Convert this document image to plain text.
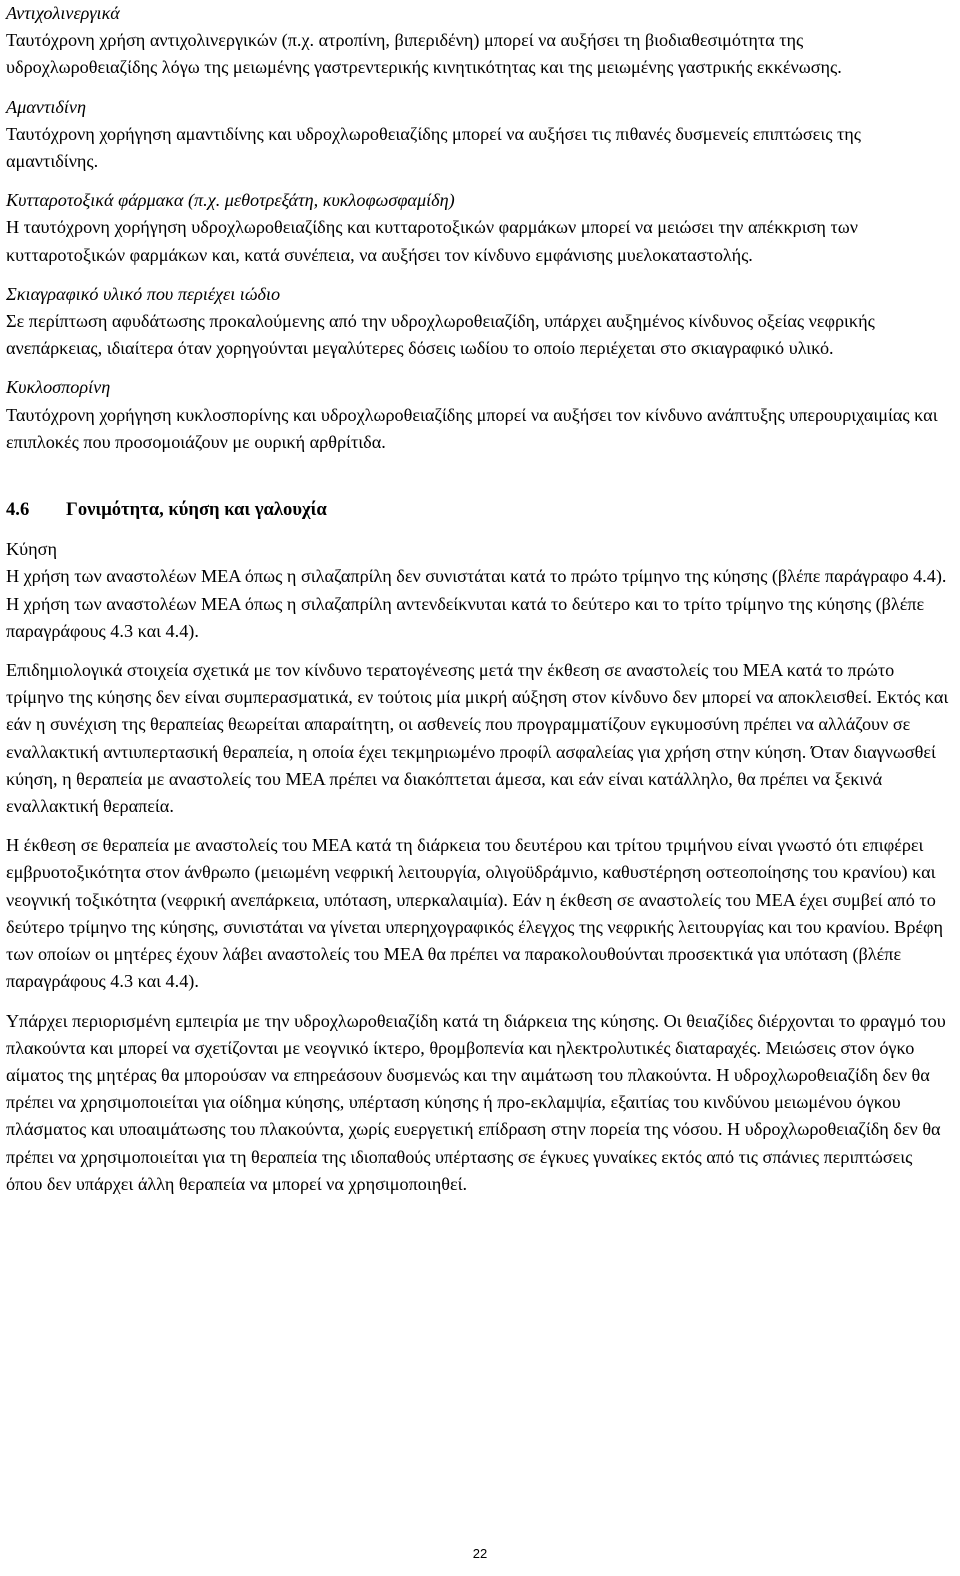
Αντιχολινεργικά
Ταυτόχρονη χρήση αντιχολινεργικών (π.χ. ατροπίνη, βιπεριδένη) μπορεί να αυξήσει τη βιοδιαθεσιμότητα της υδροχλωροθειαζίδης λόγω της μειωμένης γαστρεντερικής κινητικότητας και της μειωμένης γαστρικής εκκένωσης.
Αμαντιδίνη
Ταυτόχρονη χορήγηση αμαντιδίνης και υδροχλωροθειαζίδης μπορεί να αυξήσει τις πιθανές δυσμενείς επιπτώσεις της αμαντιδίνης.
Κυτταροτοξικά φάρμακα (π.χ. μεθοτρεξάτη, κυκλοφωσφαμίδη)
Η ταυτόχρονη χορήγηση υδροχλωροθειαζίδης και κυτταροτοξικών φαρμάκων μπορεί να μειώσει την απέκκριση των κυτταροτοξικών φαρμάκων και, κατά συνέπεια, να αυξήσει τον κίνδυνο εμφάνισης μυελοκαταστολής.
Σκιαγραφικό υλικό που περιέχει ιώδιο
Σε περίπτωση αφυδάτωσης προκαλούμενης από την υδροχλωροθειαζίδη, υπάρχει αυξημένος κίνδυνος οξείας νεφρικής ανεπάρκειας, ιδιαίτερα όταν χορηγούνται μεγαλύτερες δόσεις ιωδίου το οποίο περιέχεται στο σκιαγραφικό υλικό.
Κυκλοσπορίνη
Ταυτόχρονη χορήγηση κυκλοσπορίνης και υδροχλωροθειαζίδης μπορεί να αυξήσει τον κίνδυνο ανάπτυξης υπερουριχαιμίας και επιπλοκές που προσομοιάζουν με ουρική αρθρίτιδα.
4.6	Γονιμότητα, κύηση και γαλουχία
Κύηση
Η χρήση των αναστολέων ΜΕΑ όπως η σιλαζαπρίλη δεν συνιστάται κατά το πρώτο τρίμηνο της κύησης (βλέπε παράγραφο 4.4). Η χρήση των αναστολέων ΜΕΑ όπως η σιλαζαπρίλη αντενδείκνυται κατά το δεύτερο και το τρίτο τρίμηνο της κύησης (βλέπε παραγράφους 4.3 και 4.4).
Επιδημιολογικά στοιχεία σχετικά με τον κίνδυνο τερατογένεσης μετά την έκθεση σε αναστολείς του ΜΕΑ κατά το πρώτο τρίμηνο της κύησης δεν είναι συμπερασματικά, εν τούτοις μία μικρή αύξηση στον κίνδυνο δεν μπορεί να αποκλεισθεί. Εκτός και εάν η συνέχιση της θεραπείας θεωρείται απαραίτητη, οι ασθενείς που προγραμματίζουν εγκυμοσύνη πρέπει να αλλάζουν σε εναλλακτική αντιυπερτασική θεραπεία, η οποία έχει τεκμηριωμένο προφίλ ασφαλείας για χρήση στην κύηση. Όταν διαγνωσθεί κύηση, η θεραπεία με αναστολείς του ΜΕΑ πρέπει να διακόπτεται άμεσα, και εάν είναι κατάλληλο, θα πρέπει να ξεκινά εναλλακτική θεραπεία.
Η έκθεση σε θεραπεία με αναστολείς του ΜΕΑ κατά τη διάρκεια του δευτέρου και τρίτου τριμήνου είναι γνωστό ότι επιφέρει εμβρυοτοξικότητα στον άνθρωπο (μειωμένη νεφρική λειτουργία, ολιγοϋδράμνιο, καθυστέρηση οστεοποίησης του κρανίου) και νεογνική τοξικότητα (νεφρική ανεπάρκεια, υπόταση, υπερκαλαιμία). Εάν η έκθεση σε αναστολείς του ΜΕΑ έχει συμβεί από το δεύτερο τρίμηνο της κύησης, συνιστάται να γίνεται υπερηχογραφικός έλεγχος της νεφρικής λειτουργίας και του κρανίου. Βρέφη των οποίων οι μητέρες έχουν λάβει αναστολείς του ΜΕΑ θα πρέπει να παρακολουθούνται προσεκτικά για υπόταση (βλέπε παραγράφους 4.3 και 4.4).
Υπάρχει περιορισμένη εμπειρία με την υδροχλωροθειαζίδη κατά τη διάρκεια της κύησης. Οι θειαζίδες διέρχονται το φραγμό του πλακούντα και μπορεί να σχετίζονται με νεογνικό ίκτερο, θρομβοπενία και ηλεκτρολυτικές διαταραχές. Μειώσεις στον όγκο αίματος της μητέρας θα μπορούσαν να επηρεάσουν δυσμενώς και την αιμάτωση του πλακούντα. Η υδροχλωροθειαζίδη δεν θα πρέπει να χρησιμοποιείται για οίδημα κύησης, υπέρταση κύησης ή προ-εκλαμψία, εξαιτίας του κινδύνου μειωμένου όγκου πλάσματος και υποαιμάτωσης του πλακούντα, χωρίς ευεργετική επίδραση στην πορεία της νόσου. Η υδροχλωροθειαζίδη δεν θα πρέπει να χρησιμοποιείται για τη θεραπεία της ιδιοπαθούς υπέρτασης σε έγκυες γυναίκες εκτός από τις σπάνιες περιπτώσεις όπου δεν υπάρχει άλλη θεραπεία να μπορεί να χρησιμοποιηθεί.
22
